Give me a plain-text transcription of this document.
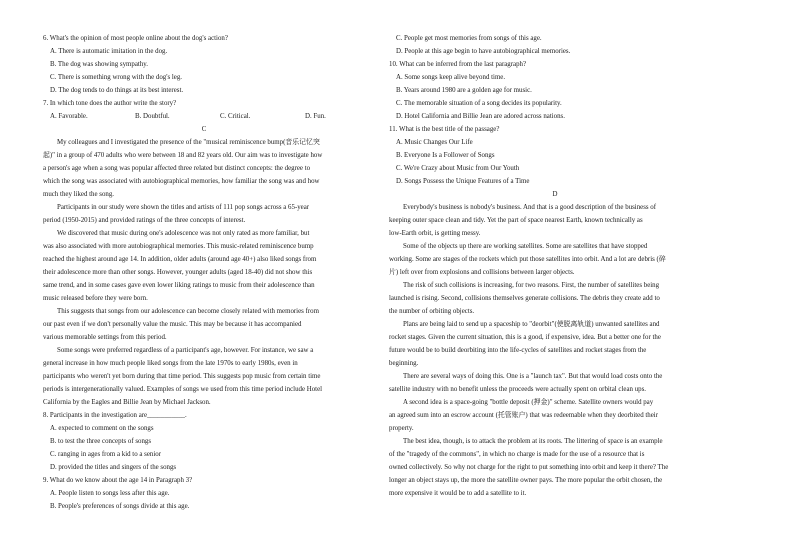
6. What's the opinion of most people online about the dog's action?
A. There is automatic imitation in the dog.
B. The dog was showing sympathy.
C. There is something wrong with the dog's leg.
D. The dog tends to do things at its best interest.
7. In which tone does the author write the story?
A. Favorable.	B. Doubtful.	C. Critical.	D. Fun.
C
My colleagues and I investigated the presence of the "musical reminiscence bump(音乐记忆突
起)" in a group of 470 adults who were between 18 and 82 years old. Our aim was to investigate how
a person's age when a song was popular affected three related but distinct concepts: the degree to
which the song was associated with autobiographical memories, how familiar the song was and how
much they liked the song.
Participants in our study were shown the titles and artists of 111 pop songs across a 65-year
period (1950-2015) and provided ratings of the three concepts of interest.
We discovered that music during one's adolescence was not only rated as more familiar, but
was also associated with more autobiographical memories. This music-related reminiscence bump
reached the highest around age 14. In addition, older adults (around age 40+) also liked songs from
their adolescence more than other songs. However, younger adults (aged 18-40) did not show this
same trend, and in some cases gave even lower liking ratings to music from their adolescence than
music released before they were born.
This suggests that songs from our adolescence can become closely related with memories from
our past even if we don't personally value the music. This may be because it has accompanied
various memorable settings from this period.
Some songs were preferred regardless of a participant's age, however. For instance, we saw a
general increase in how much people liked songs from the late 1970s to early 1980s, even in
participants who weren't yet born during that time period. This suggests pop music from certain time
periods is intergenerationally valued. Examples of songs we used from this time period include Hotel
California by the Eagles and Billie Jean by Michael Jackson.
8. Participants in the investigation are___________.
A. expected to comment on the songs
B. to test the three concepts of songs
C. ranging in ages from a kid to a senior
D. provided the titles and singers of the songs
9. What do we know about the age 14 in Paragraph 3?
A. People listen to songs less after this age.
B. People's preferences of songs divide at this age.
C. People get most memories from songs of this age.
D. People at this age begin to have autobiographical memories.
10. What can be inferred from the last paragraph?
A. Some songs keep alive beyond time.
B. Years around 1980 are a golden age for music.
C. The memorable situation of a song decides its popularity.
D. Hotel California and Billie Jean are adored across nations.
11. What is the best title of the passage?
A. Music Changes Our Life
B. Everyone Is a Follower of Songs
C. We're Crazy about Music from Our Youth
D. Songs Possess the Unique Features of a Time
D
Everybody's business is nobody's business. And that is a good description of the business of
keeping outer space clean and tidy. Yet the part of space nearest Earth, known technically as
low-Earth orbit, is getting messy.
Some of the objects up there are working satellites. Some are satellites that have stopped
working. Some are stages of the rockets which put those satellites into orbit. And a lot are debris (碎
片) left over from explosions and collisions between larger objects.
The risk of such collisions is increasing, for two reasons. First, the number of satellites being
launched is rising. Second, collisions themselves generate collisions. The debris they create add to
the number of orbiting objects.
Plans are being laid to send up a spaceship to "deorbit"(使脱离轨道) unwanted satellites and
rocket stages. Given the current situation, this is a good, if expensive, idea. But a better one for the
future would be to build deorbiting into the life-cycles of satellites and rocket stages from the
beginning.
There are several ways of doing this. One is a "launch tax". But that would load costs onto the
satellite industry with no benefit unless the proceeds were actually spent on orbital clean ups.
A second idea is a space-going "bottle deposit (押金)" scheme. Satellite owners would pay
an agreed sum into an escrow account (托管账户) that was redeemable when they deorbited their
property.
The best idea, though, is to attack the problem at its roots. The littering of space is an example
of the "tragedy of the commons", in which no charge is made for the use of a resource that is
owned collectively. So why not charge for the right to put something into orbit and keep it there? The
longer an object stays up, the more the satellite owner pays. The more popular the orbit chosen, the
more expensive it would be to add a satellite to it.
